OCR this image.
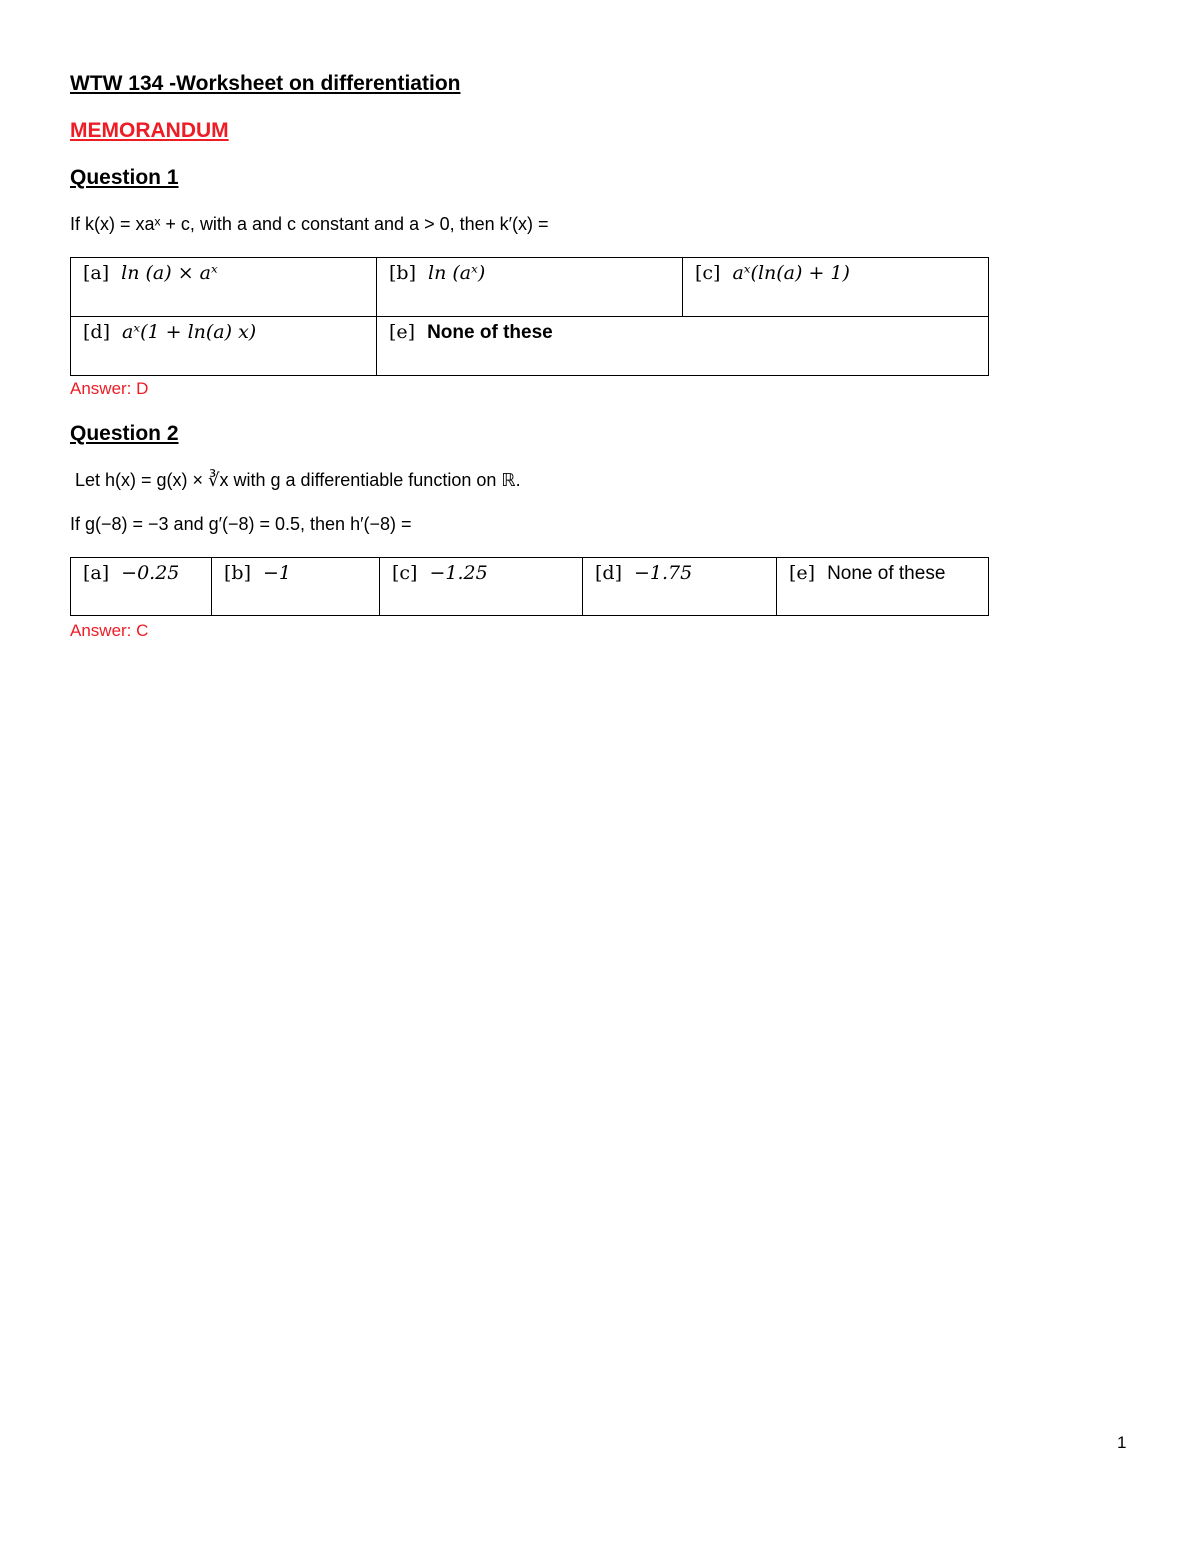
WTW 134 -Worksheet on differentiation
MEMORANDUM
Question 1
If k(x) = xaˣ + c, with a and c constant and a > 0, then k′(x) =
[a] ln (a) × aˣ	[b] ln (aˣ)	[c] aˣ(ln(a) + 1)
[d] aˣ(1 + ln(a) x)	[e] None of these	
Answer: D
Question 2
Let h(x) = g(x) × ∛x with g a differentiable function on ℝ.
If g(−8) = −3 and g′(−8) = 0.5, then h′(−8) =
[a] −0.25	[b] −1	[c] −1.25	[d] −1.75	[e] None of these
Answer: C
1
